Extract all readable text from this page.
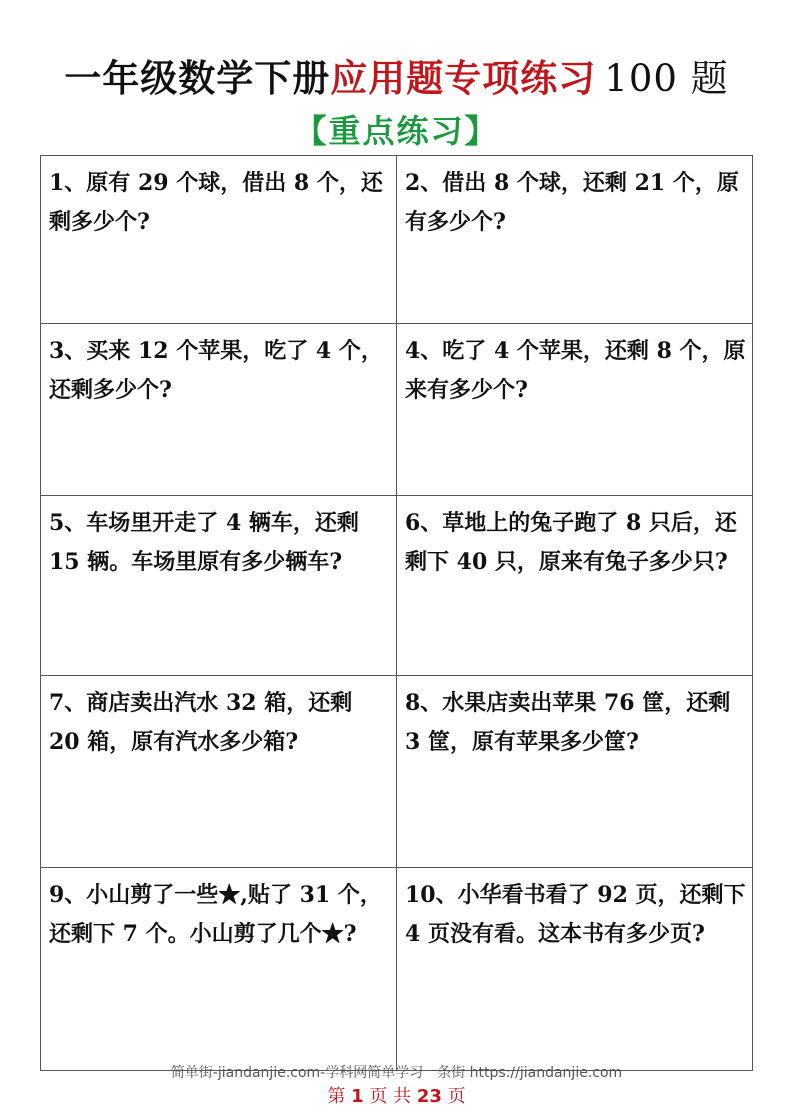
一年级数学下册应用题专项练习 100 题
【重点练习】
1、原有 29 个球，借出 8 个，还剩多少个?
2、借出 8 个球，还剩 21 个，原有多少个?
3、买来 12 个苹果，吃了 4 个，还剩多少个?
4、吃了 4 个苹果，还剩 8 个，原来有多少个?
5、车场里开走了 4 辆车，还剩 15 辆。车场里原有多少辆车?
6、草地上的兔子跑了 8 只后，还剩下 40 只，原来有兔子多少只?
7、商店卖出汽水 32 箱，还剩 20 箱，原有汽水多少箱?
8、水果店卖出苹果 76 筐，还剩 3 筐，原有苹果多少筐?
9、小山剪了一些★,贴了 31 个，还剩下 7 个。小山剪了几个★?
10、小华看书看了 92 页，还剩下 4 页没有看。这本书有多少页?
简单街-jiandanjie.com-学科网简单学习一条街 https://jiandanjie.com
第 1 页 共 23 页
